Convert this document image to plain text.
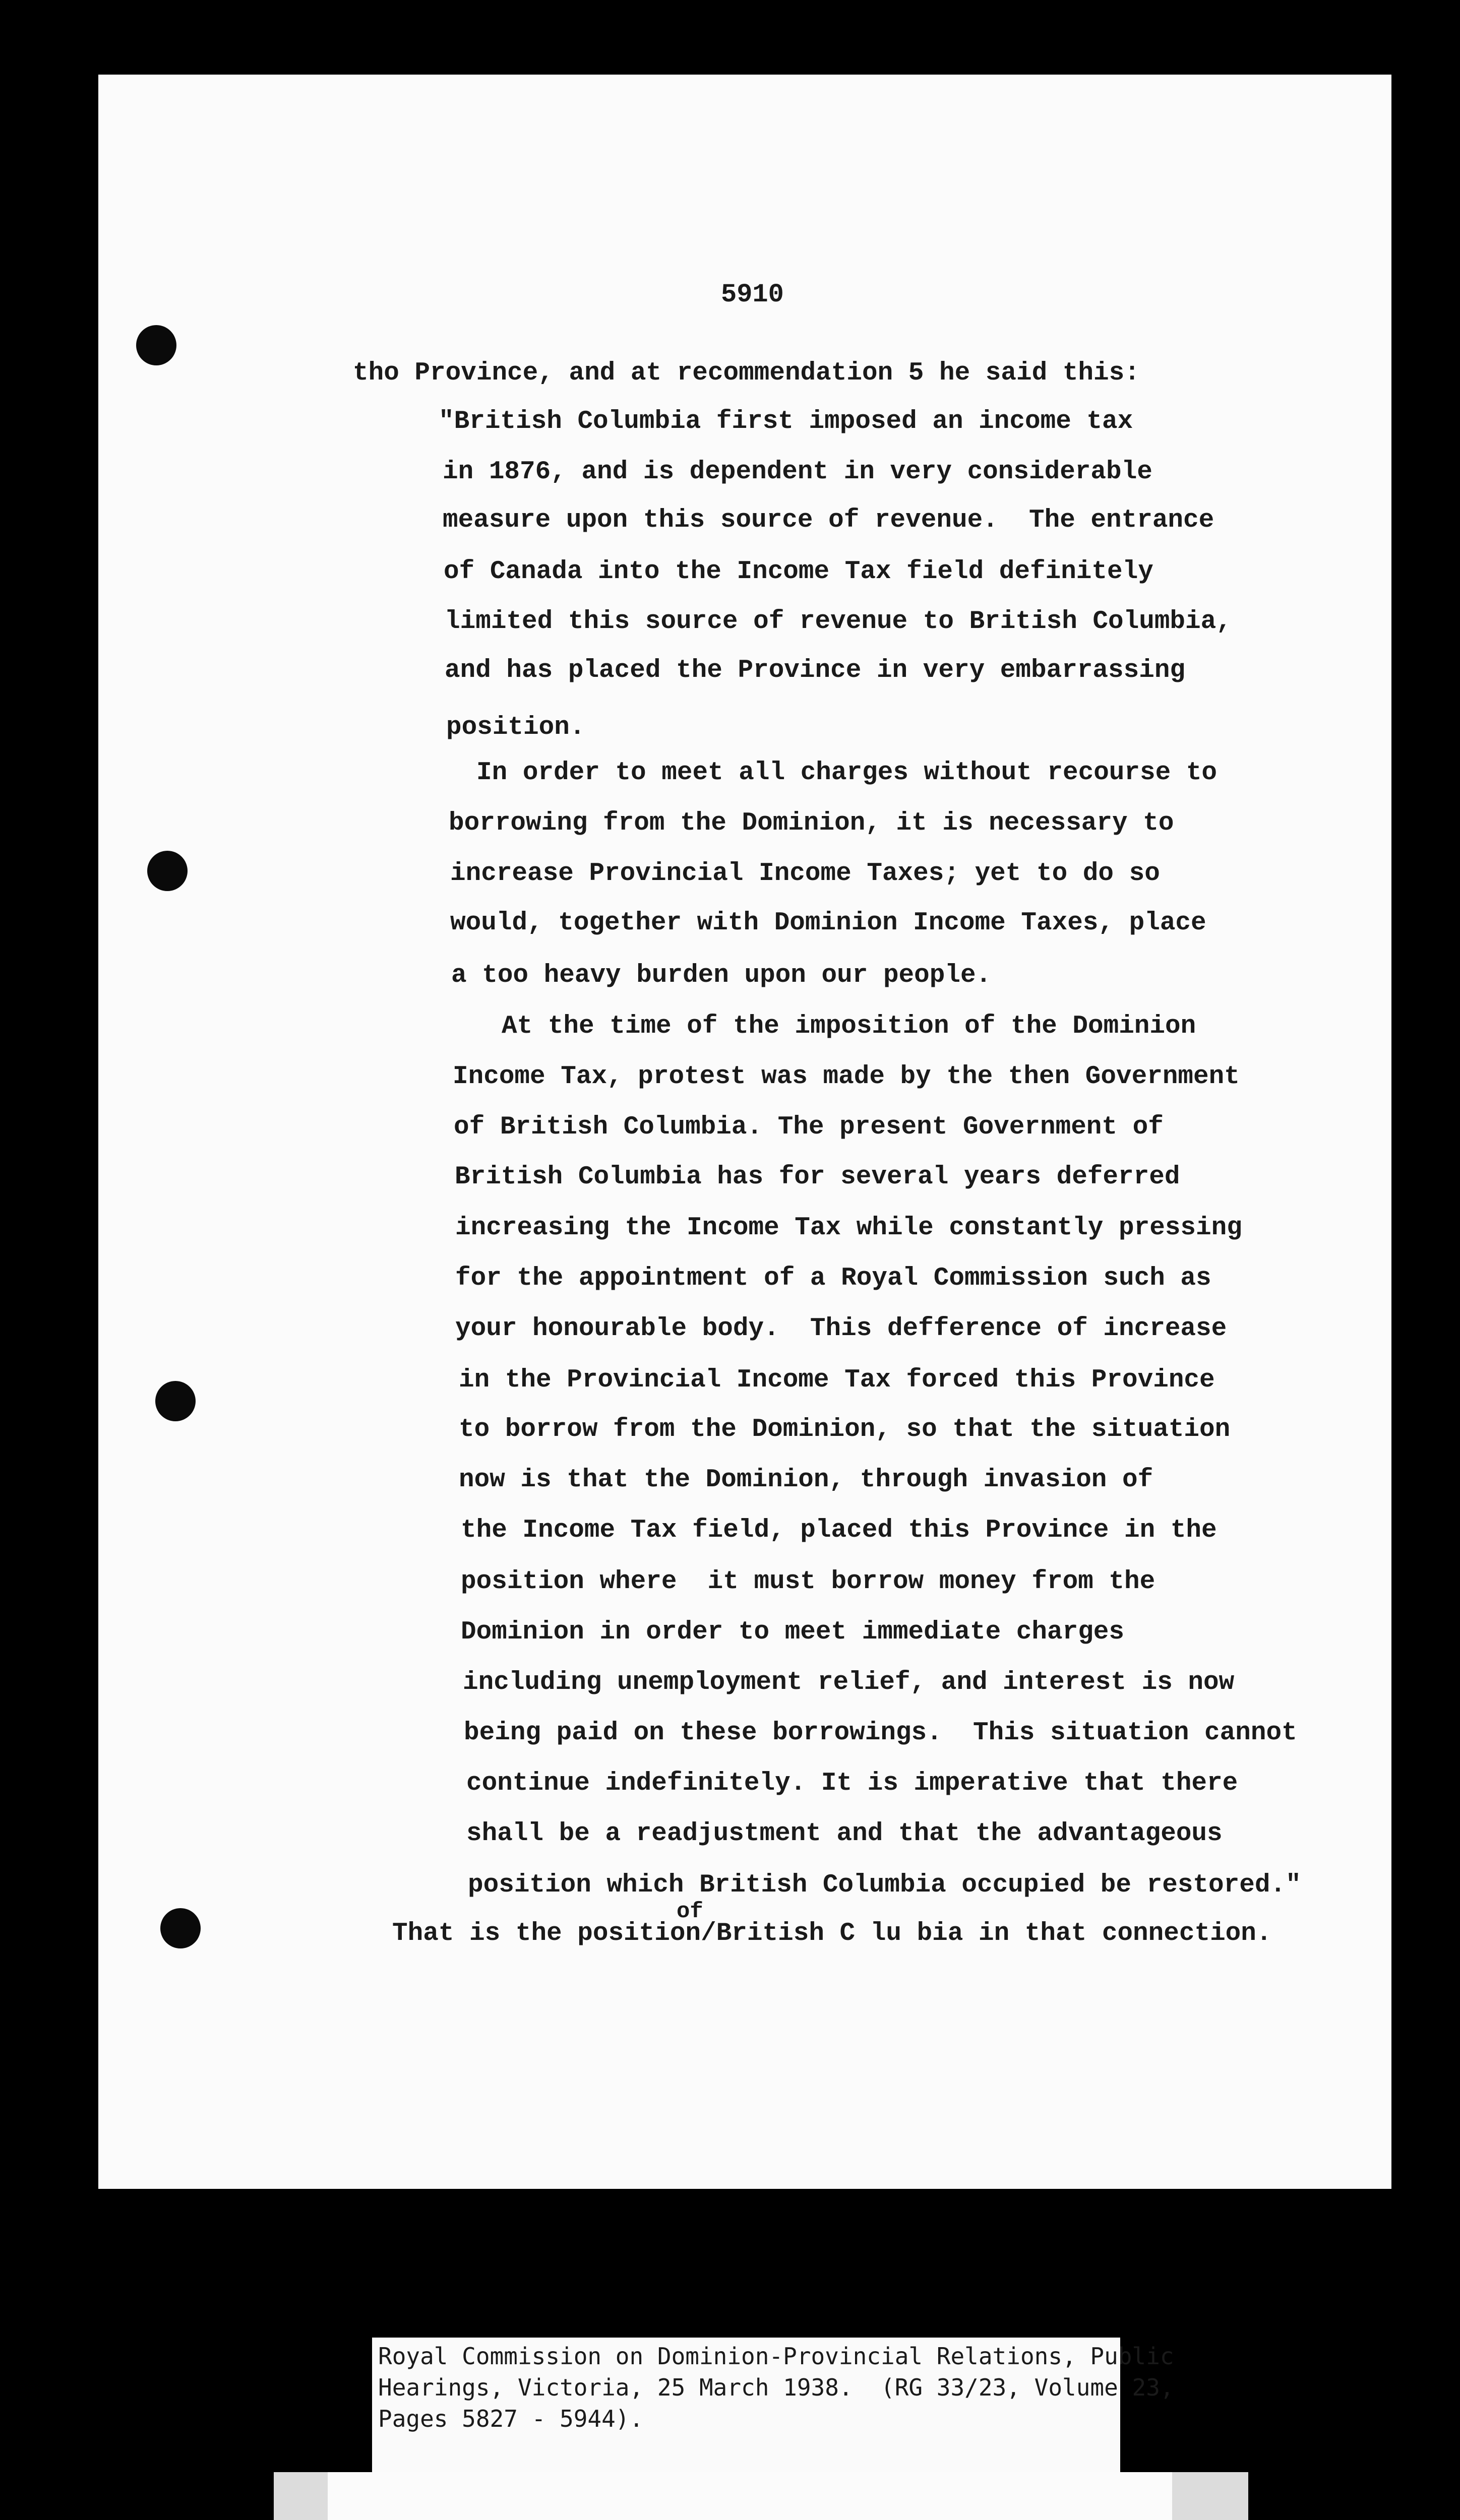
5910
tho Province, and at recommendation 5 he said this:
"British Columbia first imposed an income tax
in 1876, and is dependent in very considerable
measure upon this source of revenue.  The entrance
of Canada into the Income Tax field definitely
limited this source of revenue to British Columbia,
and has placed the Province in very embarrassing
position.
In order to meet all charges without recourse to
borrowing from the Dominion, it is necessary to
increase Provincial Income Taxes; yet to do so
would, together with Dominion Income Taxes, place
a too heavy burden upon our people.
At the time of the imposition of the Dominion
Income Tax, protest was made by the then Government
of British Columbia. The present Government of
British Columbia has for several years deferred
increasing the Income Tax while constantly pressing
for the appointment of a Royal Commission such as
your honourable body.  This defference of increase
in the Provincial Income Tax forced this Province
to borrow from the Dominion, so that the situation
now is that the Dominion, through invasion of
the Income Tax field, placed this Province in the
position where  it must borrow money from the
Dominion in order to meet immediate charges
including unemployment relief, and interest is now
being paid on these borrowings.  This situation cannot
continue indefinitely. It is imperative that there
shall be a readjustment and that the advantageous
position which British Columbia occupied be restored."
of
That is the position/British C lu bia in that connection.
Royal Commission on Dominion-Provincial Relations, Public
Hearings, Victoria, 25 March 1938.  (RG 33/23, Volume 23,
Pages 5827 - 5944).
